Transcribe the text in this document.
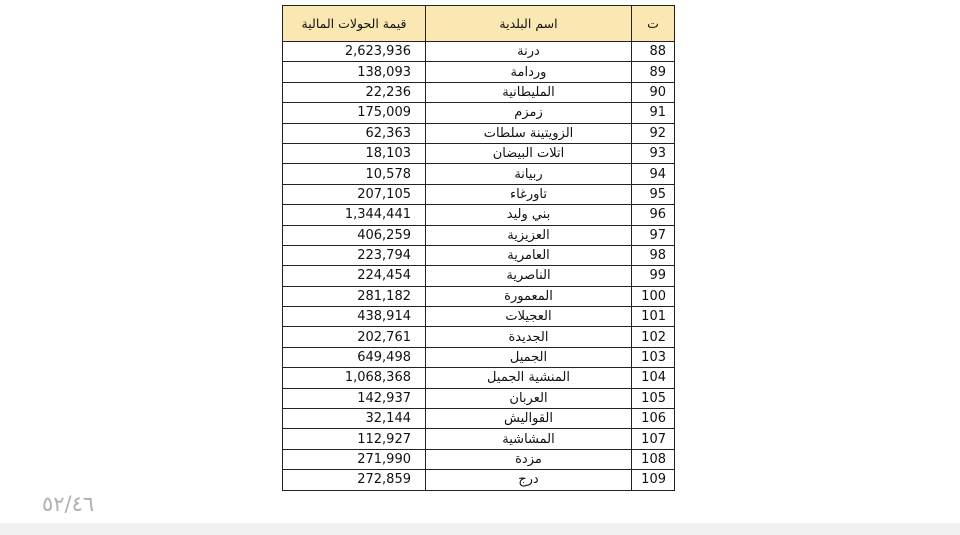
قيمة الحولات المالية	اسم البلدية	ت
2,623,936	درنة	88
138,093	وردامة	89
22,236	المليطانية	90
175,009	زمزم	91
62,363	الزويتينة سلطات	92
18,103	اتلات البيضان	93
10,578	ربيانة	94
207,105	تاورغاء	95
1,344,441	بني وليد	96
406,259	العزيزية	97
223,794	العامرية	98
224,454	الناصرية	99
281,182	المعمورة	100
438,914	العجيلات	101
202,761	الجديدة	102
649,498	الجميل	103
1,068,368	المنشية الجميل	104
142,937	العربان	105
32,144	القواليش	106
112,927	المشاشية	107
271,990	مزدة	108
272,859	درج	109
٥٢/٤٦
